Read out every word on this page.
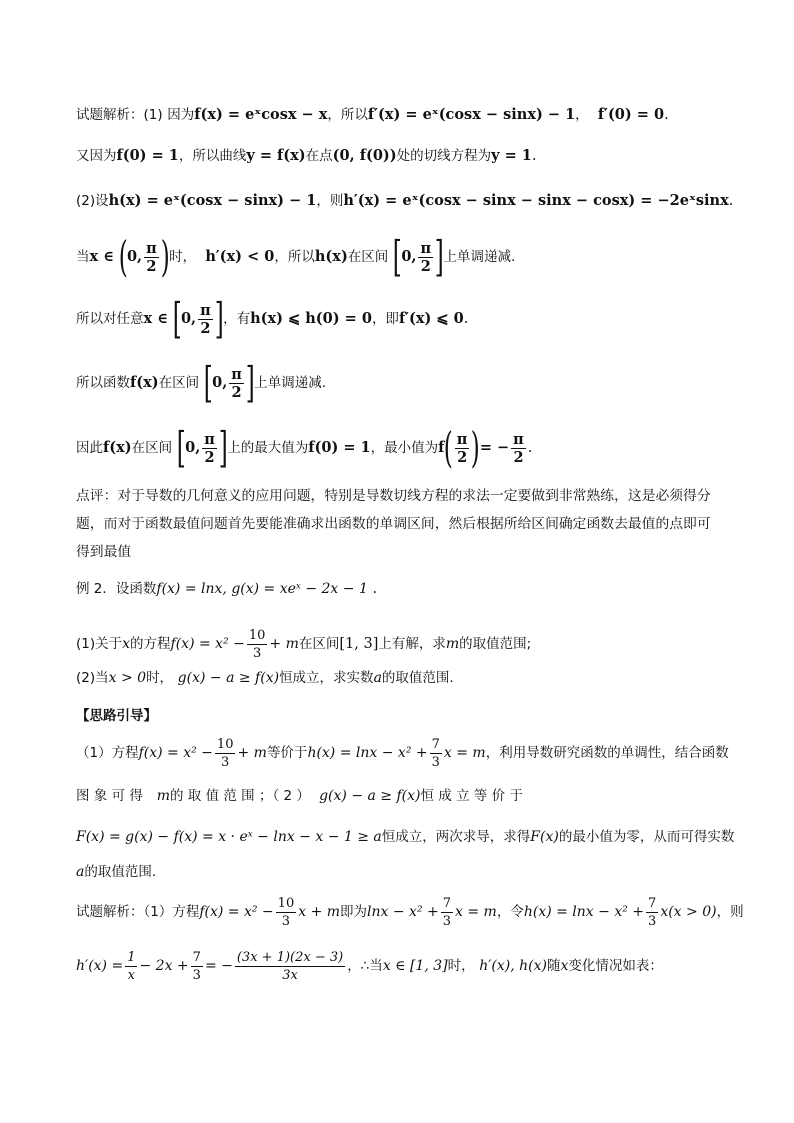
试题解析：(1) 因为f(x) = eˣcosx − x，所以f′(x) = eˣ(cosx − sinx) − 1， f′(0) = 0.
又因为f(0) = 1，所以曲线y = f(x)在点(0, f(0))处的切线方程为y = 1.
(2)设h(x) = eˣ(cosx − sinx) − 1，则h′(x) = eˣ(cosx − sinx − sinx − cosx) = −2eˣsinx.
当x ∈ (0, $\frac{\pi}{2}$ )时， h′(x) < 0，所以h(x)在区间 [0, $\frac{\pi}{2}$ ]上单调递减.
所以对任意x ∈ [0, $\frac{\pi}{2}$ ]，有h(x) ⩽ h(0) = 0，即f′(x) ⩽ 0.
所以函数f(x)在区间 [0, $\frac{\pi}{2}$ ]上单调递减.
因此f(x)在区间 [0, $\frac{\pi}{2}$ ]上的最大值为f(0) = 1，最小值为$f( \frac{\pi}{2}$ )= − $\frac{\pi}{2}$ .
点评：对于导数的几何意义的应用问题，特别是导数切线方程的求法一定要做到非常熟练，这是必须得分
题，而对于函数最值问题首先要能准确求出函数的单调区间，然后根据所给区间确定函数去最值的点即可
得到最值
例 2．设函数f(x) = lnx, g(x) = xeˣ − 2x − 1 .
(1)关于x的方程$f(x) = x^2 - \frac{10}{3} + m$在区间[1, 3]上有解，求m的取值范围;
(2)当x > 0时， g(x) − a ≥ f(x)恒成立，求实数a的取值范围.
【思路引导】
（1）方程$f(x) = x^2 - \frac{10}{3} + m$等价于$h(x) = \ln x - x^2 + \frac{7}{3}$ x = m，利用导数研究函数的单调性，结合函数
图 象 可 得 m的 取 值 范 围 ；（ 2 ） g(x) − a ≥ f(x)恒 成 立 等 价 于
F(x) = g(x) − f(x) = x · eˣ − lnx − x − 1 ≥ a恒成立，两次求导，求得F(x)的最小值为零，从而可得实数
a的取值范围.
试题解析：（1）方程$f(x) = x^2 - \frac{10}{3}$ x + m即为$\ln x - x^2 + \frac{7}{3}$ x = m，令$h(x) = \ln x - x^2 + \frac{7}{3} x(x > 0)$，则
$h'(x) = \frac{1}{x} - 2x + \frac{7}{3}$ = − $\frac{(3x + 1)(2x - 3)}{3x}$ ，∴当x ∈ [1, 3]时， h′(x), h(x)随x变化情况如表：
